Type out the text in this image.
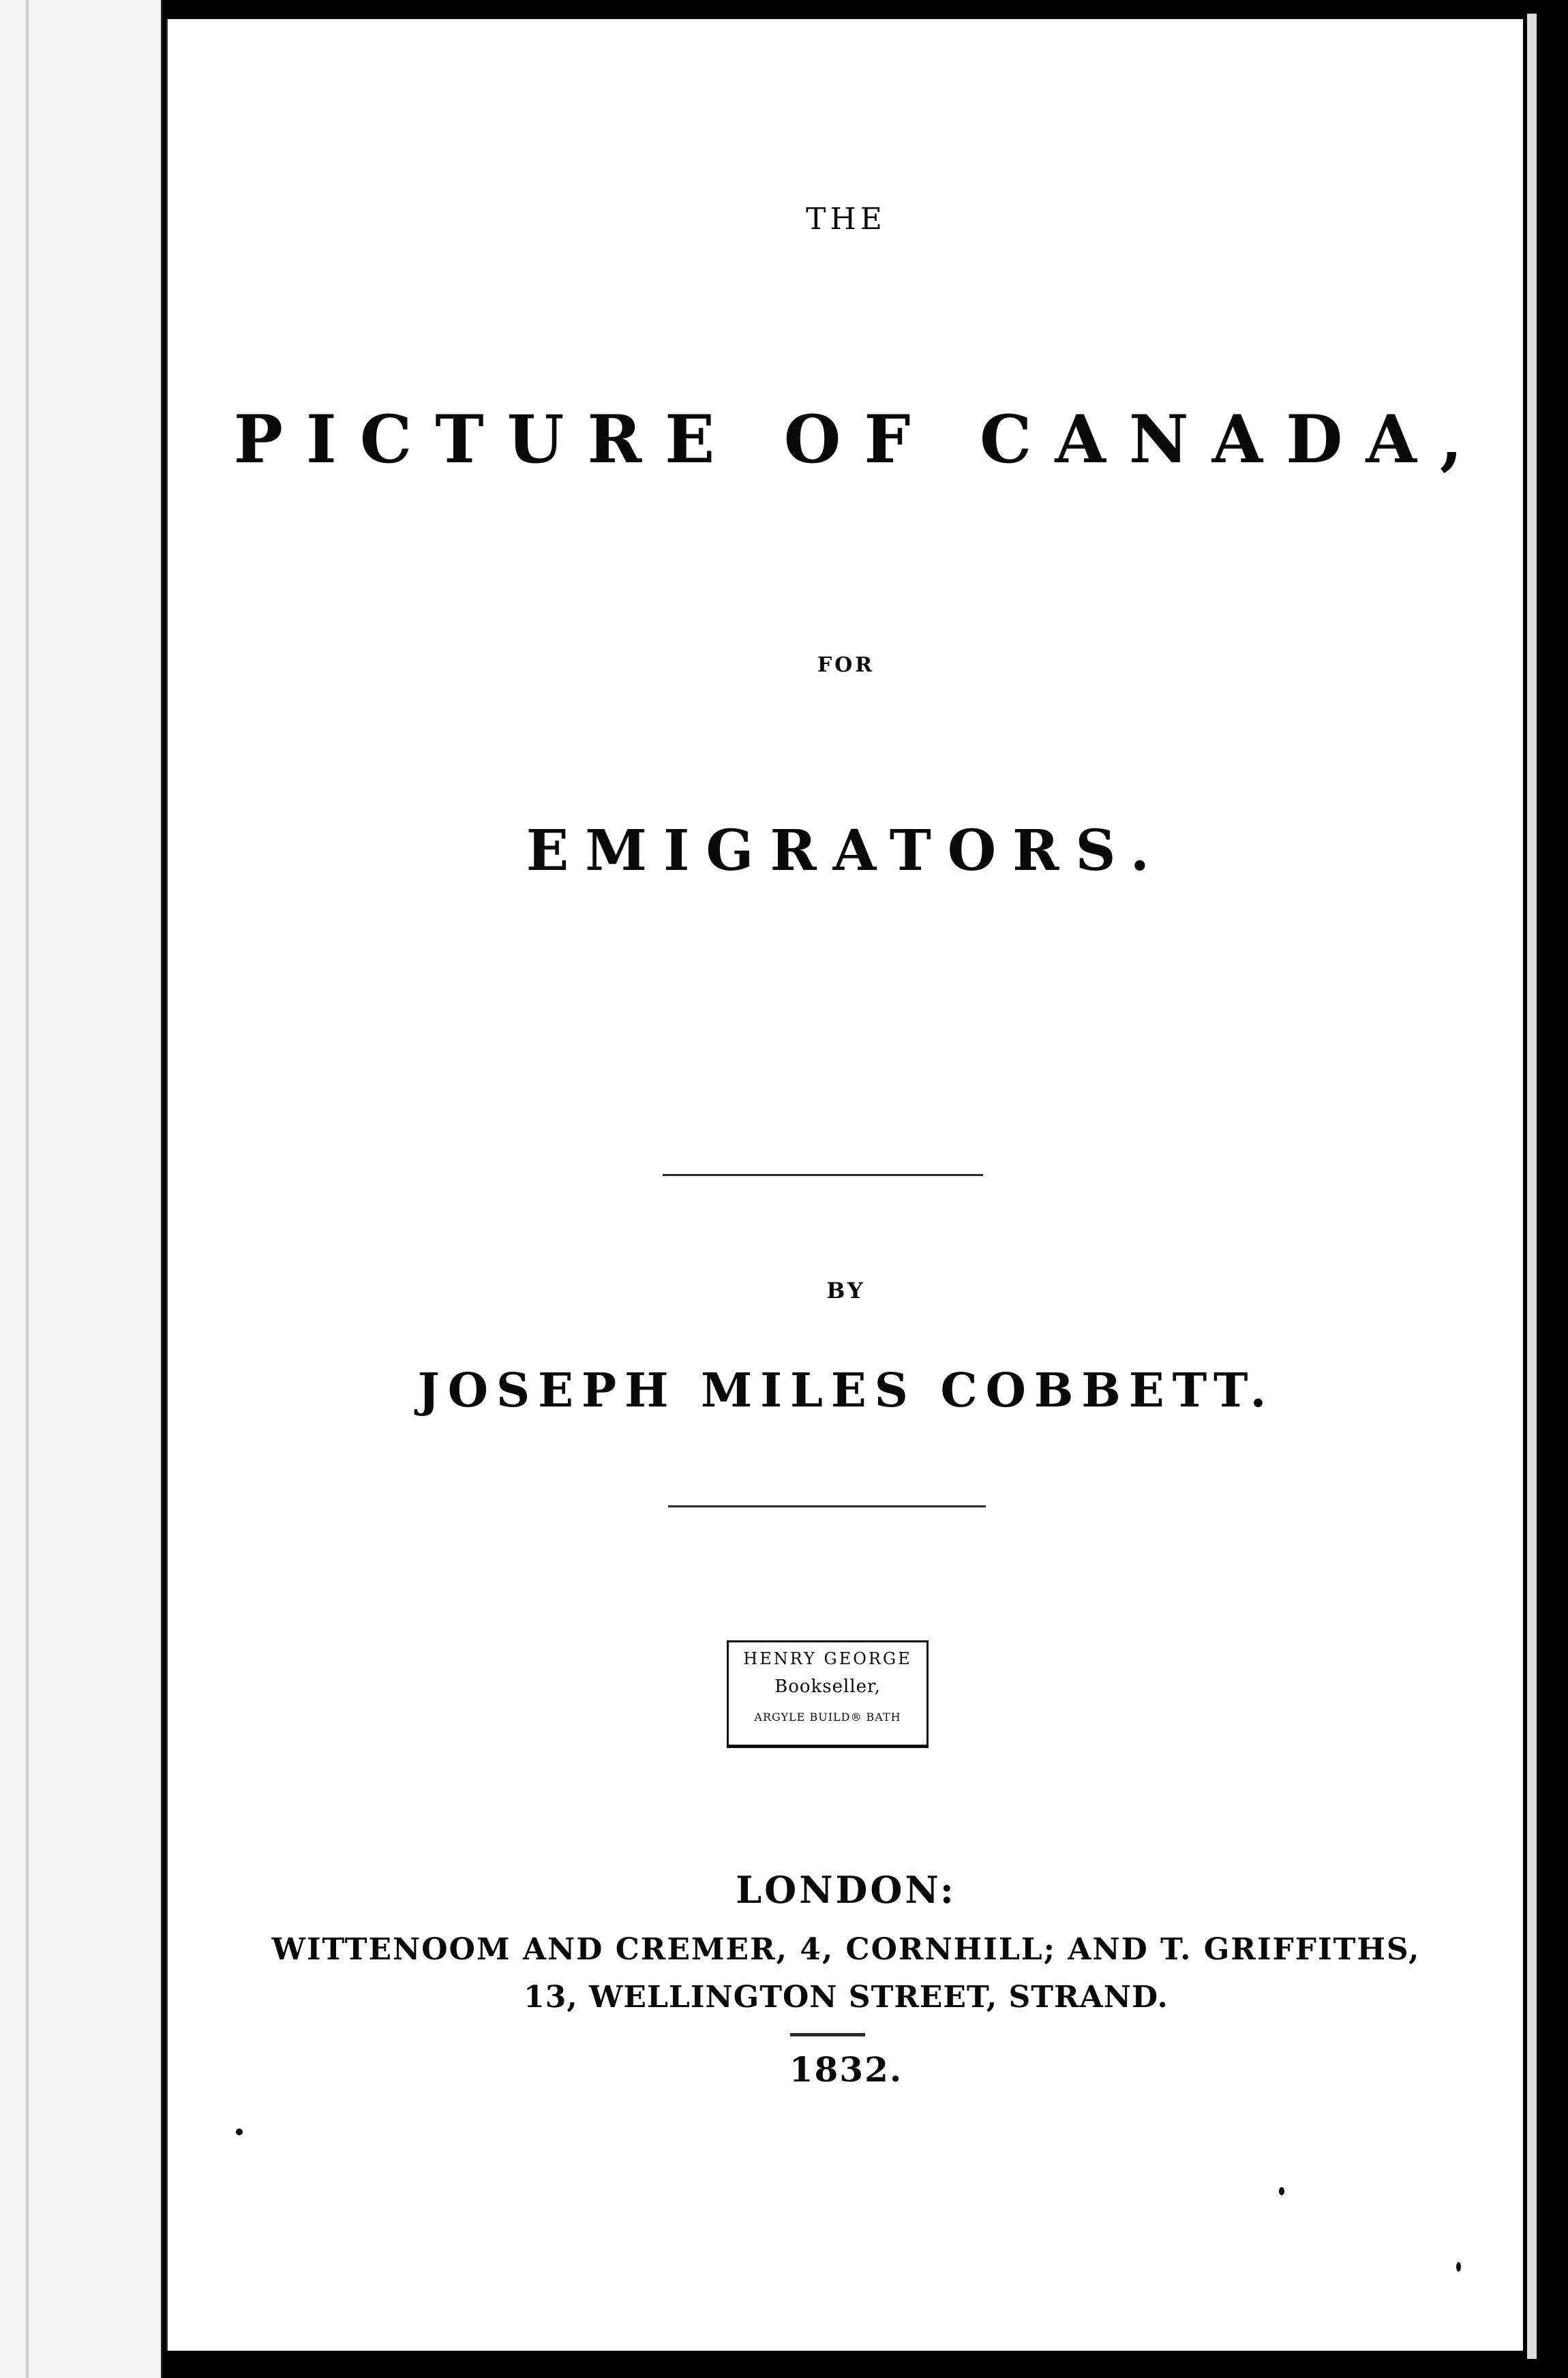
THE
PICTURE OF CANADA,
FOR
EMIGRATORS.
BY
JOSEPH MILES COBBETT.
HENRY GEORGE
Bookseller,
ARGYLE BUILD® BATH
LONDON:
WITTENOOM AND CREMER, 4, CORNHILL; AND T. GRIFFITHS,
13, WELLINGTON STREET, STRAND.
1832.
